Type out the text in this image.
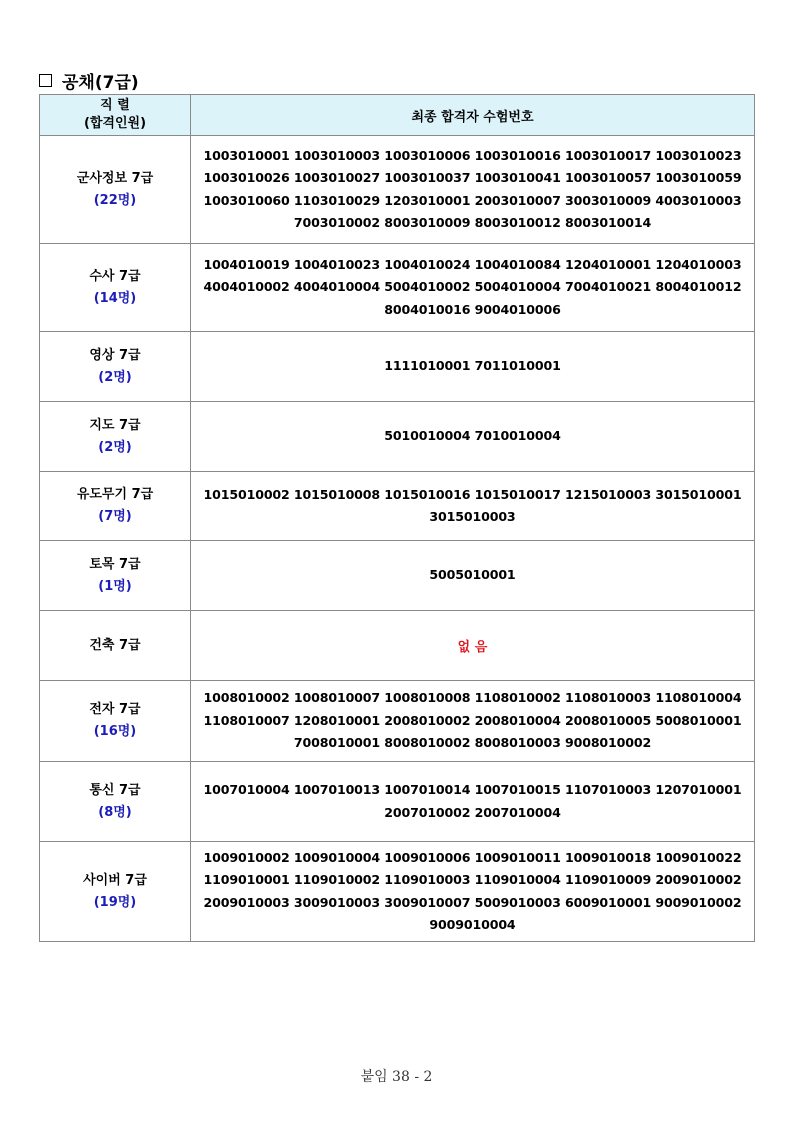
공채(7급)
직 렬
(합격인원)	최종 합격자 수험번호

군사정보 7급
(22명)	1003010001 1003010003 1003010006 1003010016 1003010017 1003010023 1003010026 1003010027 1003010037 1003010041 1003010057 1003010059 1003010060 1103010029 1203010001 2003010007 3003010009 4003010003 7003010002 8003010009 8003010012 8003010014

수사 7급
(14명)	1004010019 1004010023 1004010024 1004010084 1204010001 1204010003 4004010002 4004010004 5004010002 5004010004 7004010021 8004010012 8004010016 9004010006

영상 7급
(2명)	1111010001 7011010001

지도 7급
(2명)	5010010004 7010010004

유도무기 7급
(7명)	1015010002 1015010008 1015010016 1015010017 1215010003 3015010001 3015010003

토목 7급
(1명)	5005010001

건축 7급	없 음

전자 7급
(16명)	1008010002 1008010007 1008010008 1108010002 1108010003 1108010004 1108010007 1208010001 2008010002 2008010004 2008010005 5008010001 7008010001 8008010002 8008010003 9008010002

통신 7급
(8명)	1007010004 1007010013 1007010014 1007010015 1107010003 1207010001 2007010002 2007010004

사이버 7급
(19명)	1009010002 1009010004 1009010006 1009010011 1009010018 1009010022 1109010001 1109010002 1109010003 1109010004 1109010009 2009010002 2009010003 3009010003 3009010007 5009010003 6009010001 9009010002 9009010004
붙임 38 - 2
